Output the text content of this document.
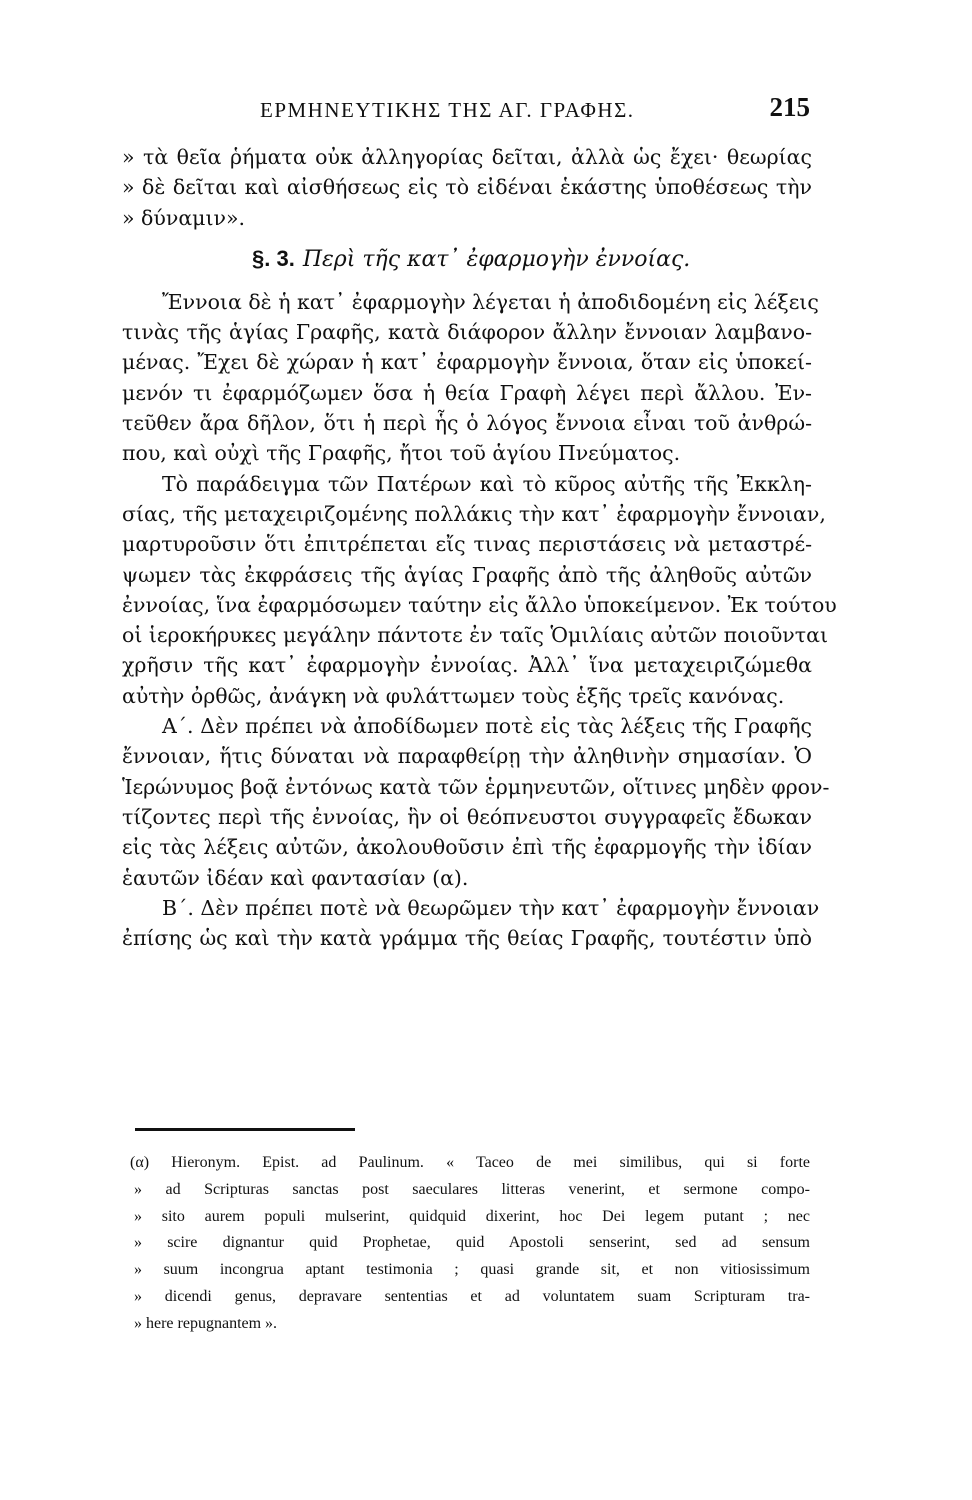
ΕΡΜΗΝΕΥΤΙΚΗΣ ΤΗΣ ΑΓ. ΓΡΑΦΗΣ.	215
» τὰ θεῖα ῥήματα οὐκ ἀλληγορίας δεῖται, ἀλλὰ ὡς ἔχει· θεωρίας
» δὲ δεῖται καὶ αἰσθήσεως εἰς τὸ εἰδέναι ἑκάστης ὑποθέσεως τὴν
» δύναμιν».
§. 3. Περὶ τῆς κατ᾿ ἐφαρμογὴν ἐννοίας.
Ἔννοια δὲ ἡ κατ᾿ ἐφαρμογὴν λέγεται ἡ ἀποδιδομένη εἰς λέξεις
τινὰς τῆς ἁγίας Γραφῆς, κατὰ διάφορον ἄλλην ἔννοιαν λαμβανο-
μένας. Ἔχει δὲ χώραν ἡ κατ᾿ ἐφαρμογὴν ἔννοια, ὅταν εἰς ὑποκεί-
μενόν τι ἐφαρμόζωμεν ὅσα ἡ θεία Γραφὴ λέγει περὶ ἄλλου. Ἐν-
τεῦθεν ἄρα δῆλον, ὅτι ἡ περὶ ἧς ὁ λόγος ἔννοια εἶναι τοῦ ἀνθρώ-
που, καὶ οὐχὶ τῆς Γραφῆς, ἤτοι τοῦ ἁγίου Πνεύματος.
Τὸ παράδειγμα τῶν Πατέρων καὶ τὸ κῦρος αὐτῆς τῆς Ἐκκλη-
σίας, τῆς μεταχειριζομένης πολλάκις τὴν κατ᾿ ἐφαρμογὴν ἔννοιαν,
μαρτυροῦσιν ὅτι ἐπιτρέπεται εἴς τινας περιστάσεις νὰ μεταστρέ-
ψωμεν τὰς ἐκφράσεις τῆς ἁγίας Γραφῆς ἀπὸ τῆς ἀληθοῦς αὐτῶν
ἐννοίας, ἵνα ἐφαρμόσωμεν ταύτην εἰς ἄλλο ὑποκείμενον. Ἐκ τούτου
οἱ ἱεροκήρυκες μεγάλην πάντοτε ἐν ταῖς Ὁμιλίαις αὐτῶν ποιοῦνται
χρῆσιν τῆς κατ᾿ ἐφαρμογὴν ἐννοίας. Ἀλλ᾿ ἵνα μεταχειριζώμεθα
αὐτὴν ὀρθῶς, ἀνάγκη νὰ φυλάττωμεν τοὺς ἑξῆς τρεῖς κανόνας.
Α΄. Δὲν πρέπει νὰ ἀποδίδωμεν ποτὲ εἰς τὰς λέξεις τῆς Γραφῆς
ἔννοιαν, ἥτις δύναται νὰ παραφθείρῃ τὴν ἀληθινὴν σημασίαν. Ὁ
Ἱερώνυμος βοᾷ ἐντόνως κατὰ τῶν ἑρμηνευτῶν, οἵτινες μηδὲν φρον-
τίζοντες περὶ τῆς ἐννοίας, ἣν οἱ θεόπνευστοι συγγραφεῖς ἔδωκαν
εἰς τὰς λέξεις αὐτῶν, ἀκολουθοῦσιν ἐπὶ τῆς ἐφαρμογῆς τὴν ἰδίαν
ἑαυτῶν ἰδέαν καὶ φαντασίαν (α).
Β΄. Δὲν πρέπει ποτὲ νὰ θεωρῶμεν τὴν κατ᾿ ἐφαρμογὴν ἔννοιαν
ἐπίσης ὡς καὶ τὴν κατὰ γράμμα τῆς θείας Γραφῆς, τουτέστιν ὑπὸ
(α) Hieronym. Epist. ad Paulinum. « Taceo de mei similibus, qui si forte
» ad Scripturas sanctas post saeculares litteras venerint, et sermone compo-
» sito aurem populi mulserint, quidquid dixerint, hoc Dei legem putant ; nec
» scire dignantur quid Prophetae, quid Apostoli senserint, sed ad sensum
» suum incongrua aptant testimonia ; quasi grande sit, et non vitiosissimum
» dicendi genus, depravare sententias et ad voluntatem suam Scripturam tra-
» here repugnantem ».
